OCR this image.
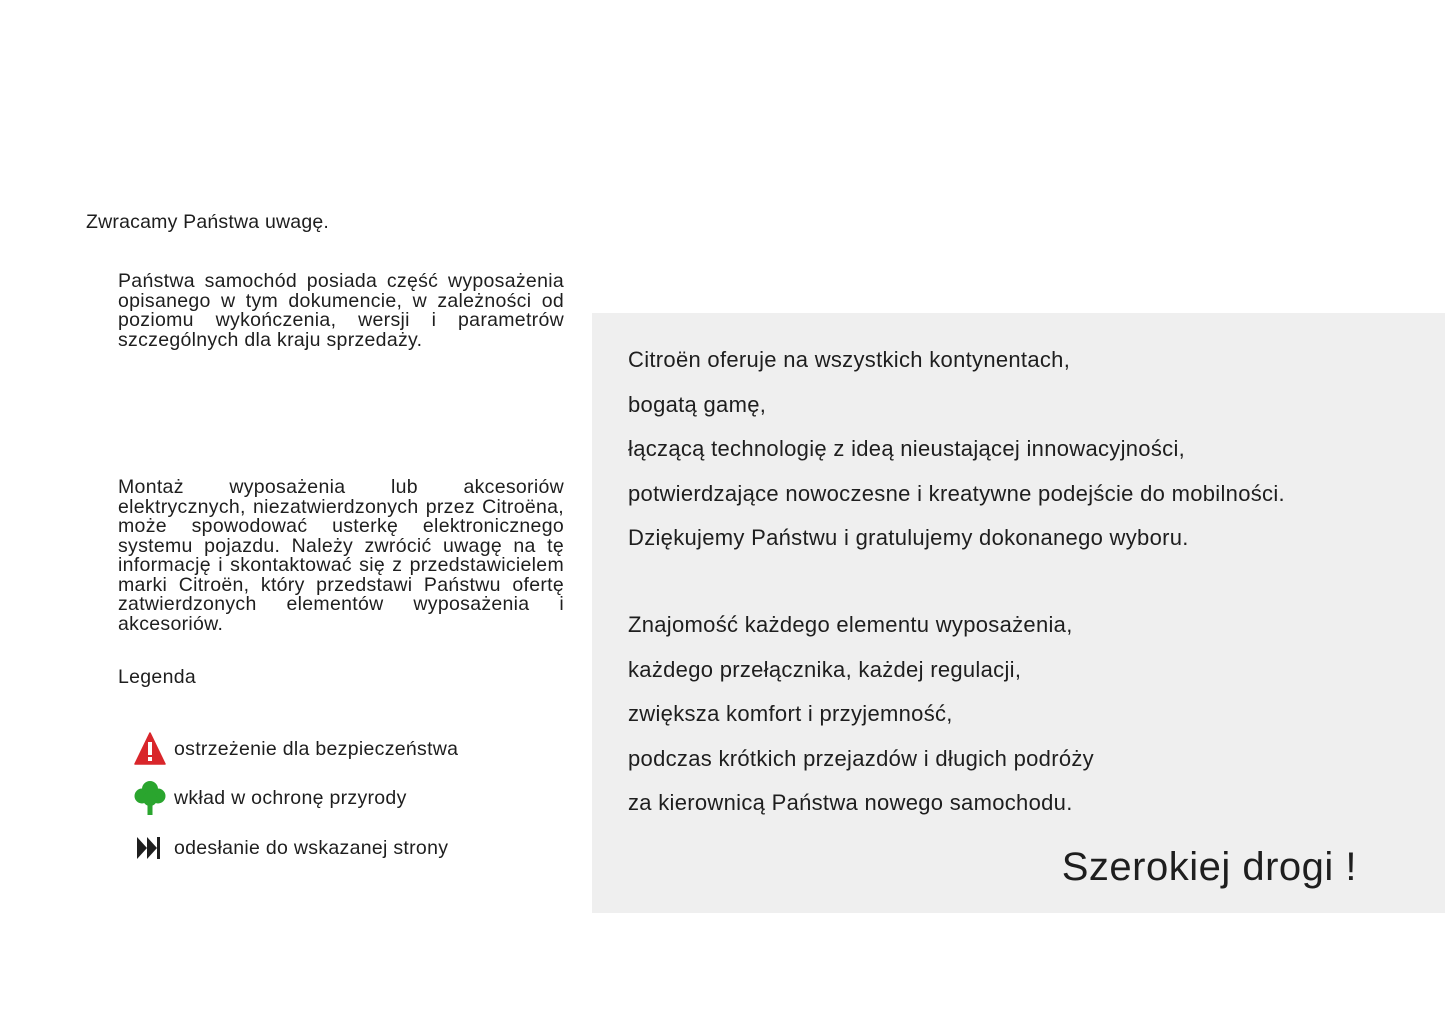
Zwracamy Państwa uwagę.
Państwa samochód posiada część wyposażenia opisanego w tym dokumencie, w zależności od poziomu wykończenia, wersji i parametrów szczególnych dla kraju sprzedaży.
Montaż wyposażenia lub akcesoriów elektrycznych, niezatwierdzonych przez Citroëna, może spowodować usterkę elektronicznego systemu pojazdu. Należy zwrócić uwagę na tę informację i skontaktować się z przedstawicielem marki Citroën, który przedstawi Państwu ofertę zatwierdzonych elementów wyposażenia i akcesoriów.
Legenda
ostrzeżenie dla bezpieczeństwa
wkład w ochronę przyrody
odesłanie do wskazanej strony
Citroën oferuje na wszystkich kontynentach,
bogatą gamę,
łączącą technologię z ideą nieustającej innowacyjności,
potwierdzające nowoczesne i kreatywne podejście do mobilności.
Dziękujemy Państwu i gratulujemy dokonanego wyboru.
Znajomość każdego elementu wyposażenia,
każdego przełącznika, każdej regulacji,
zwiększa komfort i przyjemność,
podczas krótkich przejazdów i długich podróży
za kierownicą Państwa nowego samochodu.
Szerokiej drogi !
